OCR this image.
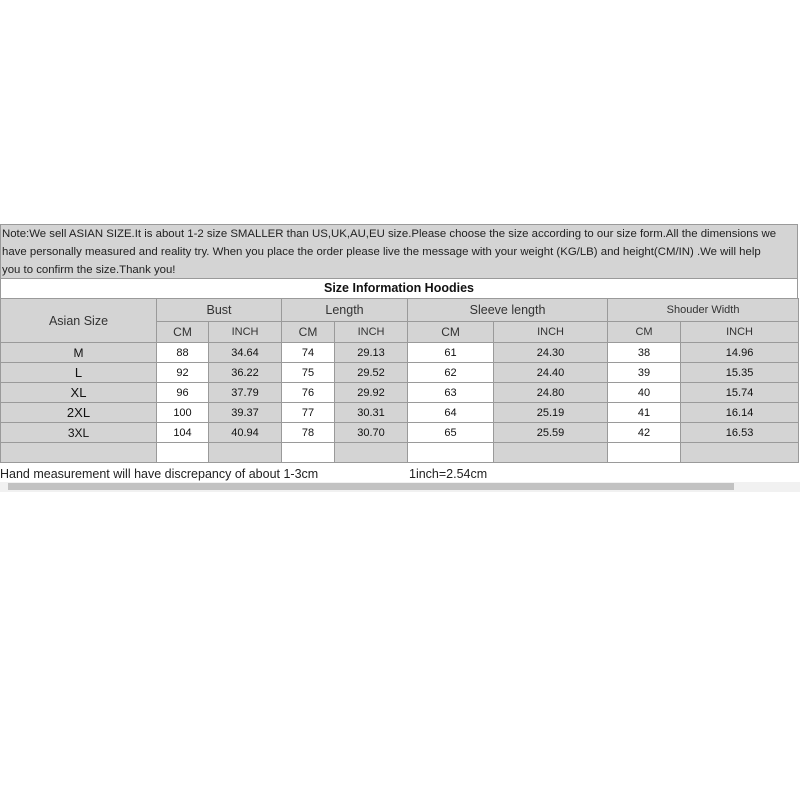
Note:We sell ASIAN SIZE.It is about 1-2 size SMALLER than US,UK,AU,EU size.Please choose the size according to our size form.All the dimensions we
have personally measured and reality try. When you place the order please live the message with your weight (KG/LB) and height(CM/IN) .We will help
you to confirm the size.Thank you!
Size Information Hoodies
Asian Size	Bust		Length		Sleeve length		Shouder Width	
	CM	INCH	CM	INCH	CM	INCH	CM	INCH
M	88	34.64	74	29.13	61	24.30	38	14.96
L	92	36.22	75	29.52	62	24.40	39	15.35
XL	96	37.79	76	29.92	63	24.80	40	15.74
2XL	100	39.37	77	30.31	64	25.19	41	16.14
3XL	104	40.94	78	30.70	65	25.59	42	16.53

Hand measurement will have discrepancy of about 1-3cm	1inch=2.54cm
